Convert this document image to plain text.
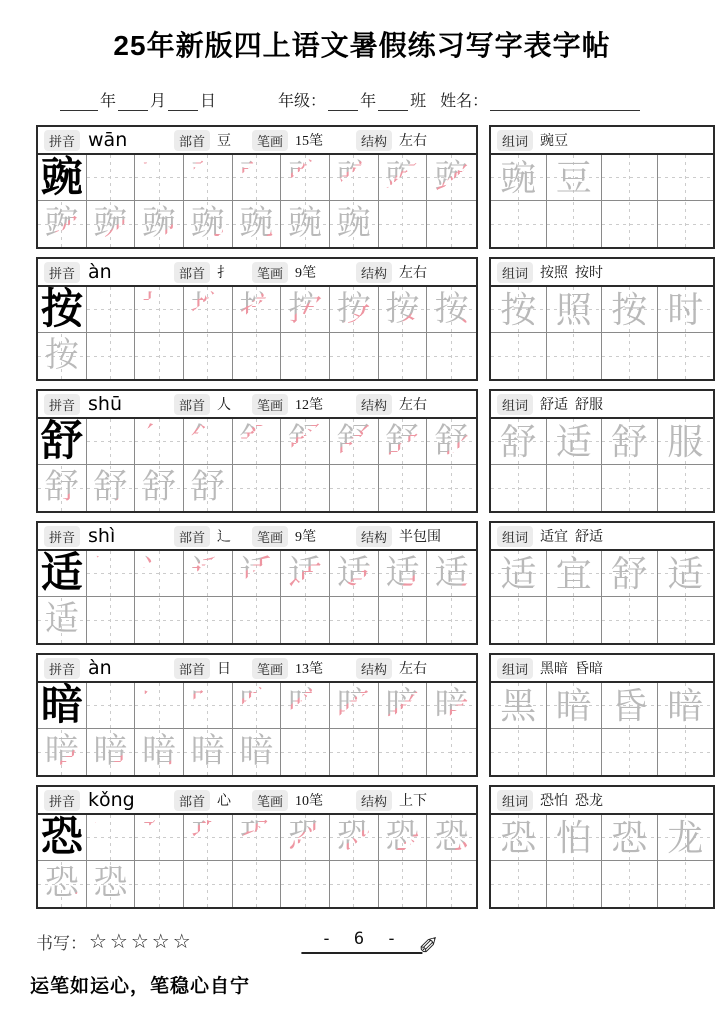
25年新版四上语文暑假练习写字表字帖
年 月 日	年级： 年 班 姓名：
拼音 wān	部首 豆	笔画 15笔	结构 左右
豌 豌 豌 豌 豌 豌 豌 豌 豌
豌 豌 豌 豌 豌 豌 豌
组词 豌豆
豌 豆
拼音 àn	部首 扌	笔画 9笔	结构 左右
按 按 按 按 按 按 按 按 按
按
组词 按照  按时
按 照 按 时
拼音 shū	部首 人	笔画 12笔	结构 左右
舒 舒 舒 舒 舒 舒 舒 舒 舒
舒 舒 舒 舒
组词 舒适  舒服
舒 适 舒 服
拼音 shì	部首 辶	笔画 9笔	结构 半包围
适 适 适 适 适 适 适 适 适
适
组词 适宜  舒适
适 宜 舒 适
拼音 àn	部首 日	笔画 13笔	结构 左右
暗 暗 暗 暗 暗 暗 暗 暗 暗
暗 暗 暗 暗 暗
组词 黑暗  昏暗
黑 暗 昏 暗
拼音 kǒng	部首 心	笔画 10笔	结构 上下
恐 恐 恐 恐 恐 恐 恐 恐 恐
恐 恐
组词 恐怕  恐龙
恐 怕 恐 龙
书写： ☆☆☆☆☆	- 6 - ✐
运笔如运心，笔稳心自宁
